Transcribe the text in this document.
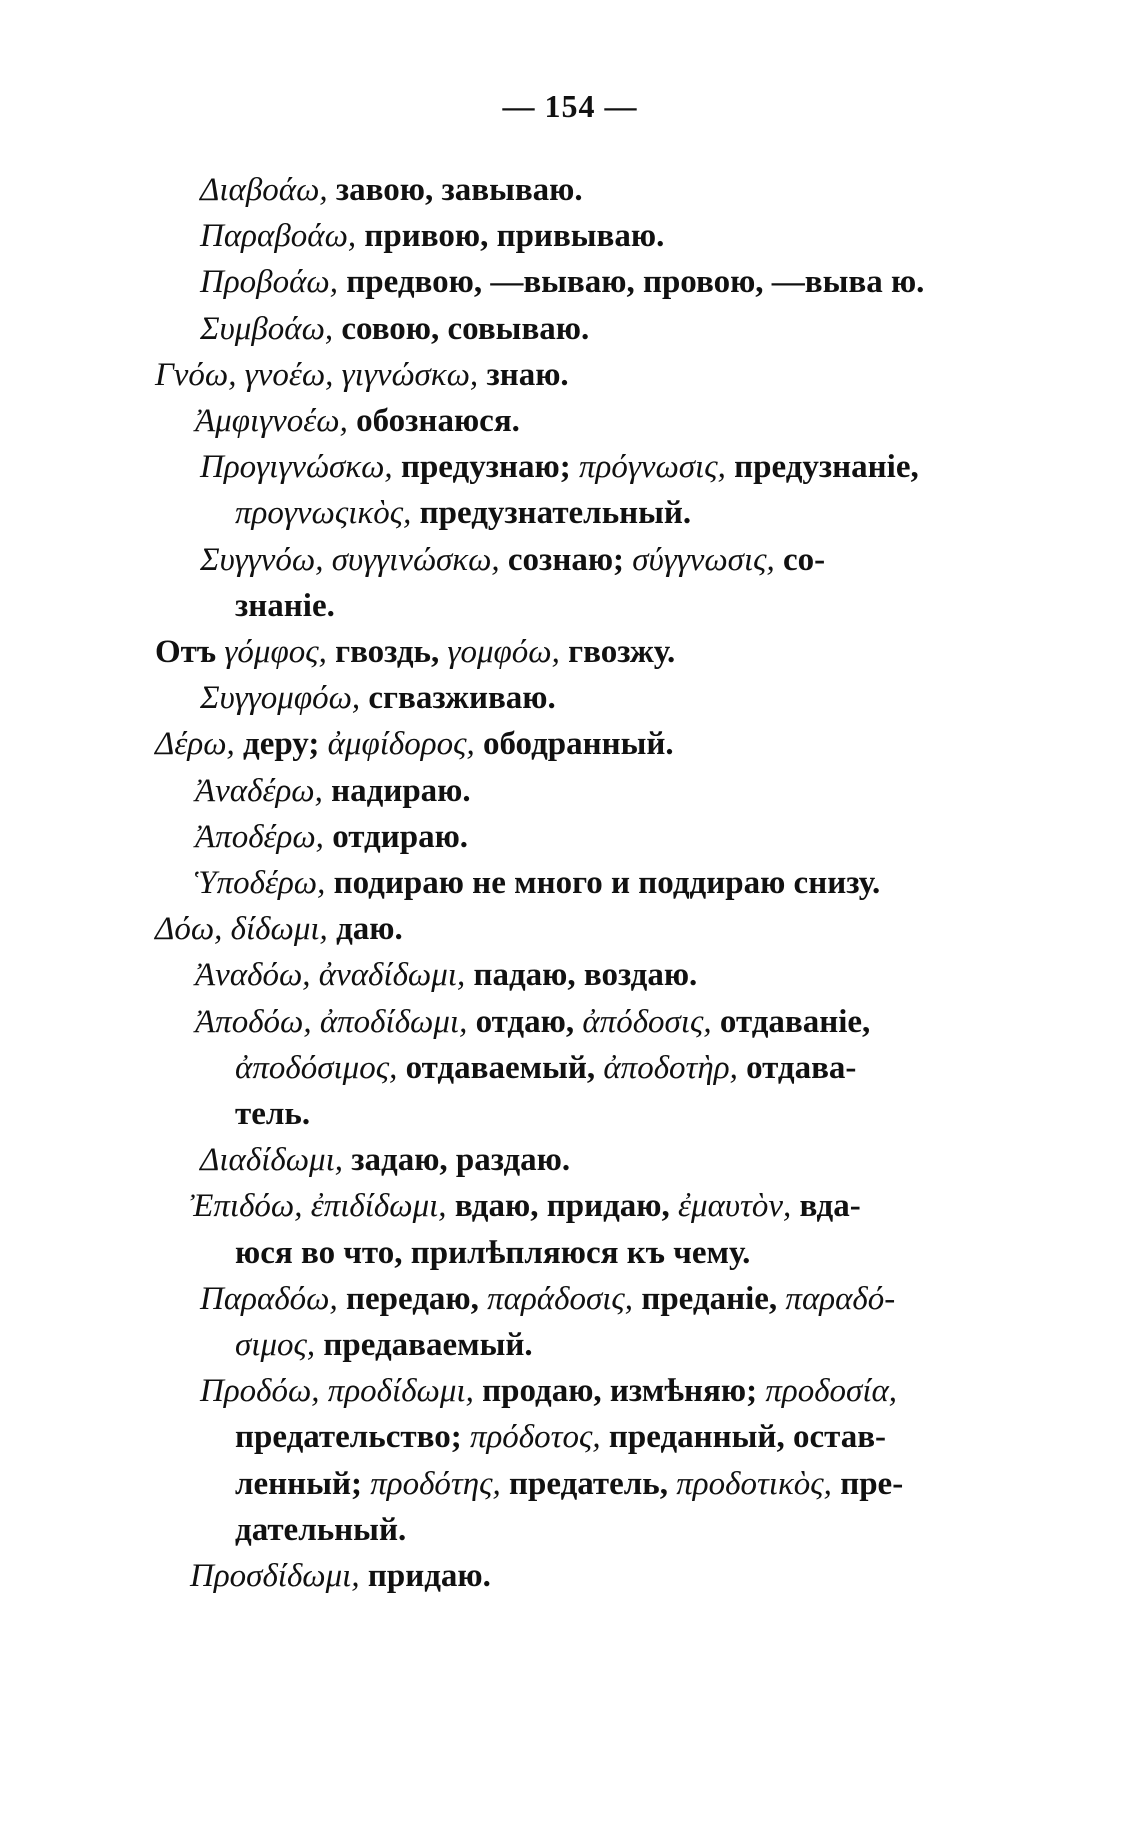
— 154 —
Διαβοάω, завою, завываю.
Παραβοάω, привою, привываю.
Προβοάω, предвою, —вываю, провою, —выва ю.
Συμβοάω, совою, совываю.
Γνόω, γνοέω, γιγνώσκω, знаю.
Ἀμφιγνοέω, обознаюся.
Προγιγνώσκω, предузнаю; πρόγνωσις, предузнаніе,
προγνωςικὸς, предузнательный.
Συγγνόω, συγγινώσκω, сознаю; σύγγνωσις, со-
знаніе.
Отъ γόμφος, гвоздь, γομφόω, гвозжу.
Συγγομφόω, сгвазживаю.
Δέρω, деру; ἀμφίδορος, ободранный.
Ἀναδέρω, надираю.
Ἀποδέρω, отдираю.
Ὑποδέρω, подираю не много и поддираю снизу.
Δόω, δίδωμι, даю.
Ἀναδόω, ἀναδίδωμι, падаю, воздаю.
Ἀποδόω, ἀποδίδωμι, отдаю, ἀπόδοσις, отдаваніе,
ἀποδόσιμος, отдаваемый, ἀποδοτὴρ, отдава-
тель.
Διαδίδωμι, задаю, раздаю.
Ἐπιδόω, ἐπιδίδωμι, вдаю, придаю, ἐμαυτὸν, вда-
юся во что, прилѣпляюся къ чему.
Παραδόω, передаю, παράδοσις, преданіе, παραδό-
σιμος, предаваемый.
Προδόω, προδίδωμι, продаю, измѣняю; προδοσία,
предательство; πρόδοτος, преданный, остав-
ленный; προδότης, предатель, προδοτικὸς, пре-
дательный.
Προσδίδωμι, придаю.
